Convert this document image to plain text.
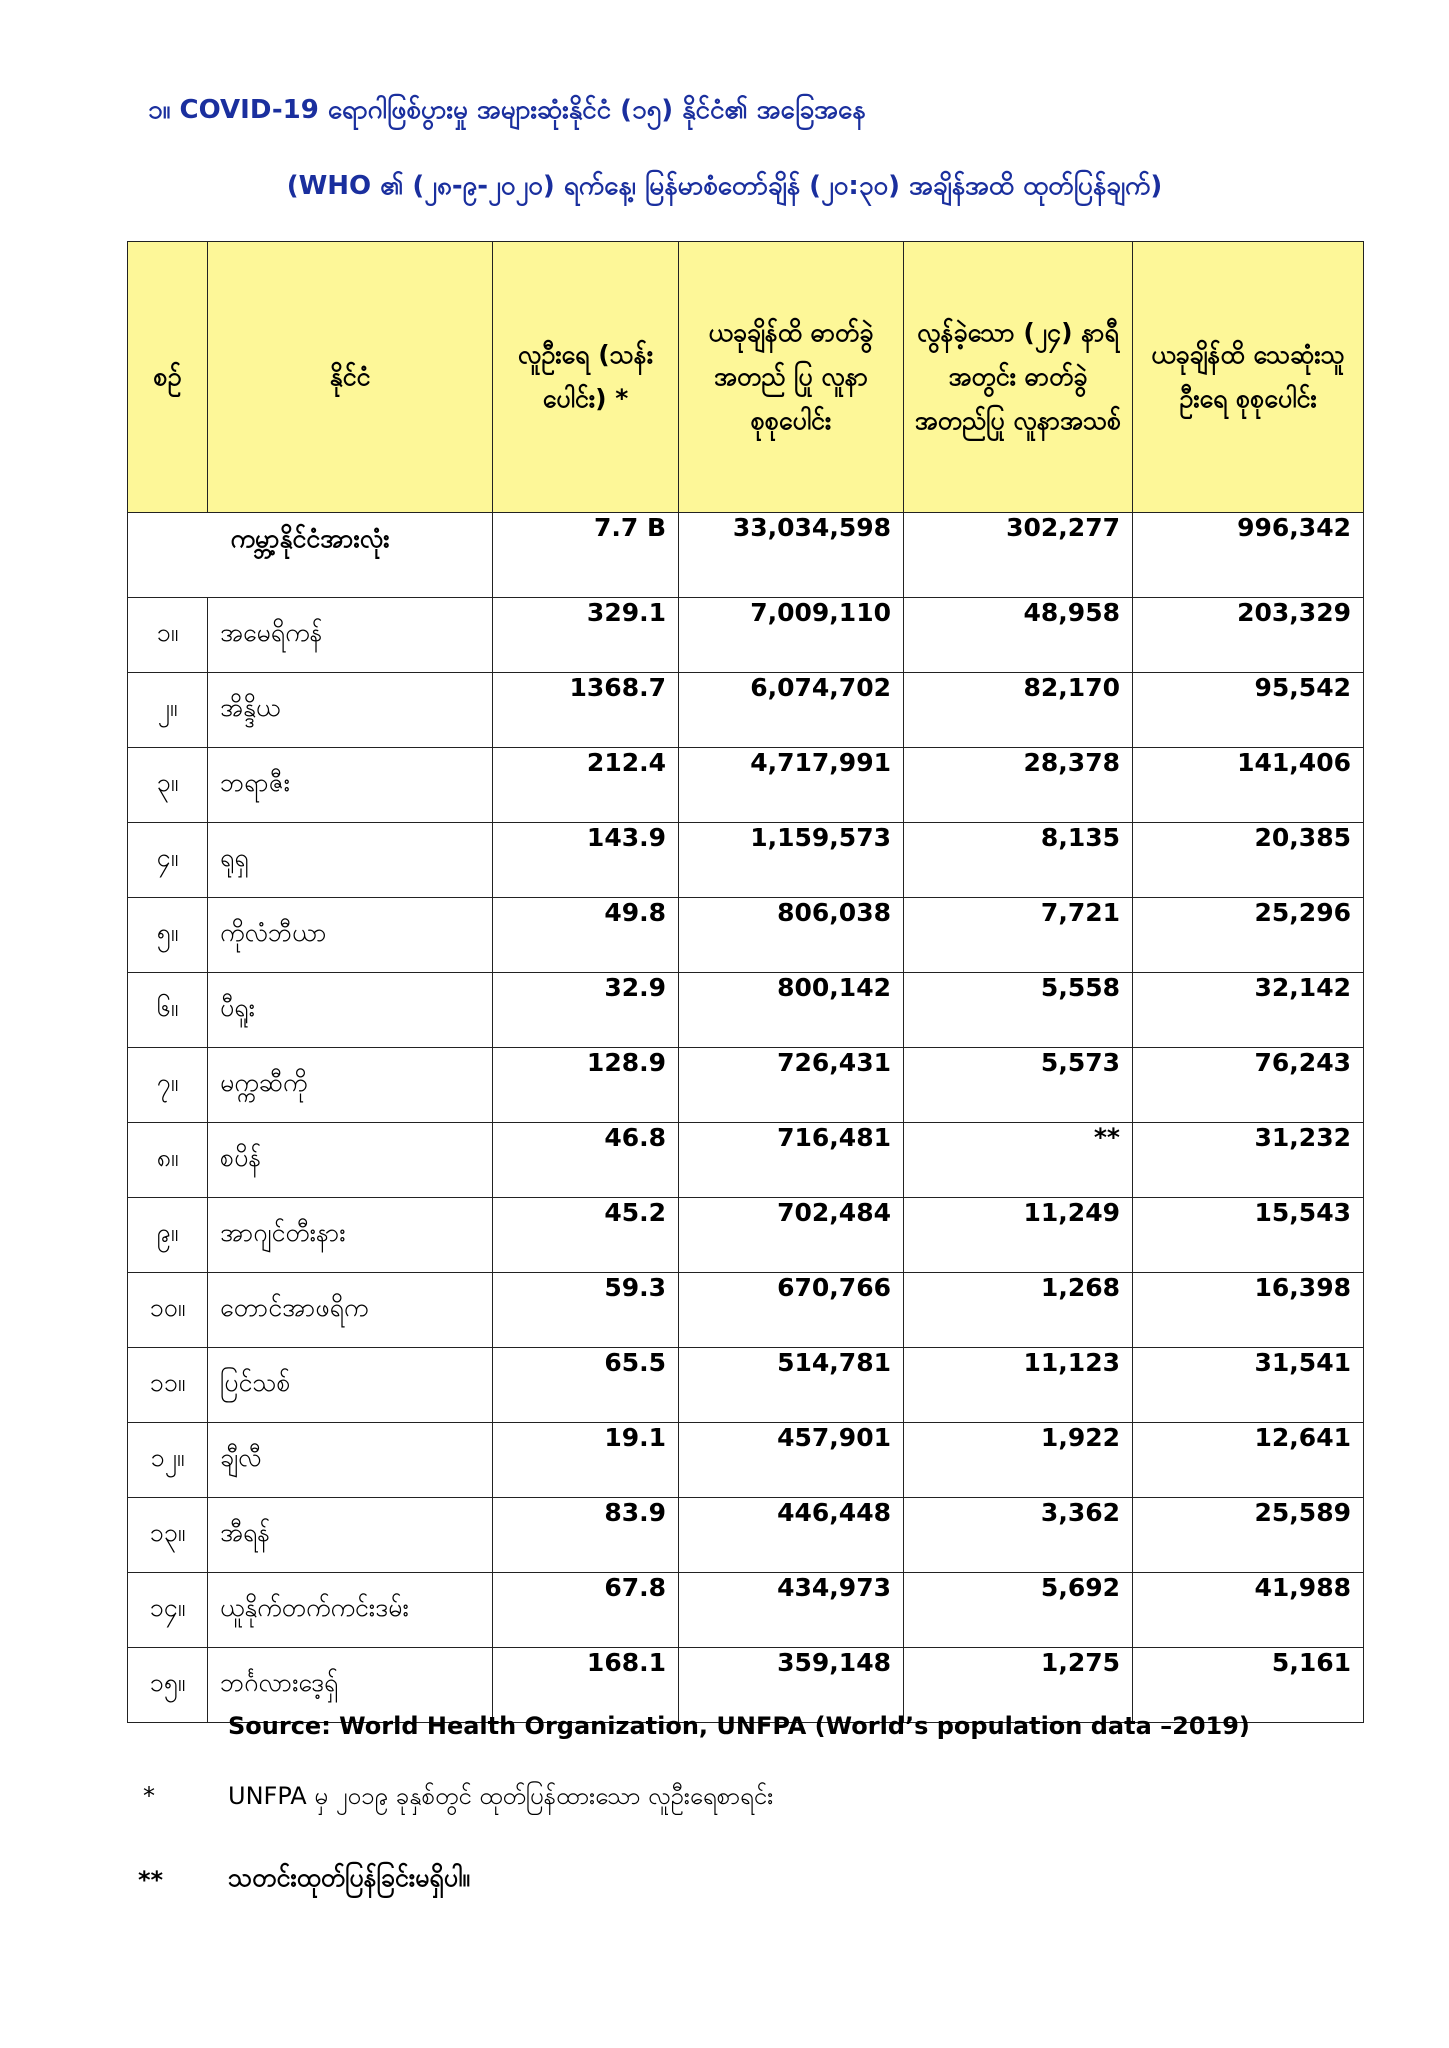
၁။ COVID-19 ရောဂါဖြစ်ပွားမှု အများဆုံးနိုင်ငံ (၁၅) နိုင်ငံ၏ အခြေအနေ
(WHO ၏ (၂၈-၉-၂၀၂၀) ရက်နေ့၊ မြန်မာစံတော်ချိန် (၂၀:၃၀) အချိန်အထိ ထုတ်ပြန်ချက်)
စဉ်	နိုင်ငံ	လူဦးရေ (သန်းပေါင်း) *	ယခုချိန်ထိ ဓာတ်ခွဲအတည် ပြု လူနာ စုစုပေါင်း	လွန်ခဲ့သော (၂၄) နာရီ အတွင်း ဓာတ်ခွဲ အတည်ပြု လူနာအသစ်	ယခုချိန်ထိ သေဆုံးသူဦးရေ စုစုပေါင်း
ကမ္ဘာ့နိုင်ငံအားလုံး		7.7 B	33,034,598	302,277	996,342
၁။	အမေရိကန်	329.1	7,009,110	48,958	203,329
၂။	အိန္ဒိယ	1368.7	6,074,702	82,170	95,542
၃။	ဘရာဇီး	212.4	4,717,991	28,378	141,406
၄။	ရုရှ	143.9	1,159,573	8,135	20,385
၅။	ကိုလံဘီယာ	49.8	806,038	7,721	25,296
၆။	ပီရူး	32.9	800,142	5,558	32,142
၇။	မက္ကဆီကို	128.9	726,431	5,573	76,243
၈။	စပိန်	46.8	716,481	**	31,232
၉။	အာဂျင်တီးနား	45.2	702,484	11,249	15,543
၁၀။	တောင်အာဖရိက	59.3	670,766	1,268	16,398
၁၁။	ပြင်သစ်	65.5	514,781	11,123	31,541
၁၂။	ချီလီ	19.1	457,901	1,922	12,641
၁၃။	အီရန်	83.9	446,448	3,362	25,589
၁၄။	ယူနိုက်တက်ကင်းဒမ်း	67.8	434,973	5,692	41,988
၁၅။	ဘင်္ဂလားဒေ့ရှ်	168.1	359,148	1,275	5,161
Source: World Health Organization, UNFPA (World’s population data –2019)
*	UNFPA မှ ၂၀၁၉ ခုနှစ်တွင် ထုတ်ပြန်ထားသော လူဦးရေစာရင်း
**	သတင်းထုတ်ပြန်ခြင်းမရှိပါ။
